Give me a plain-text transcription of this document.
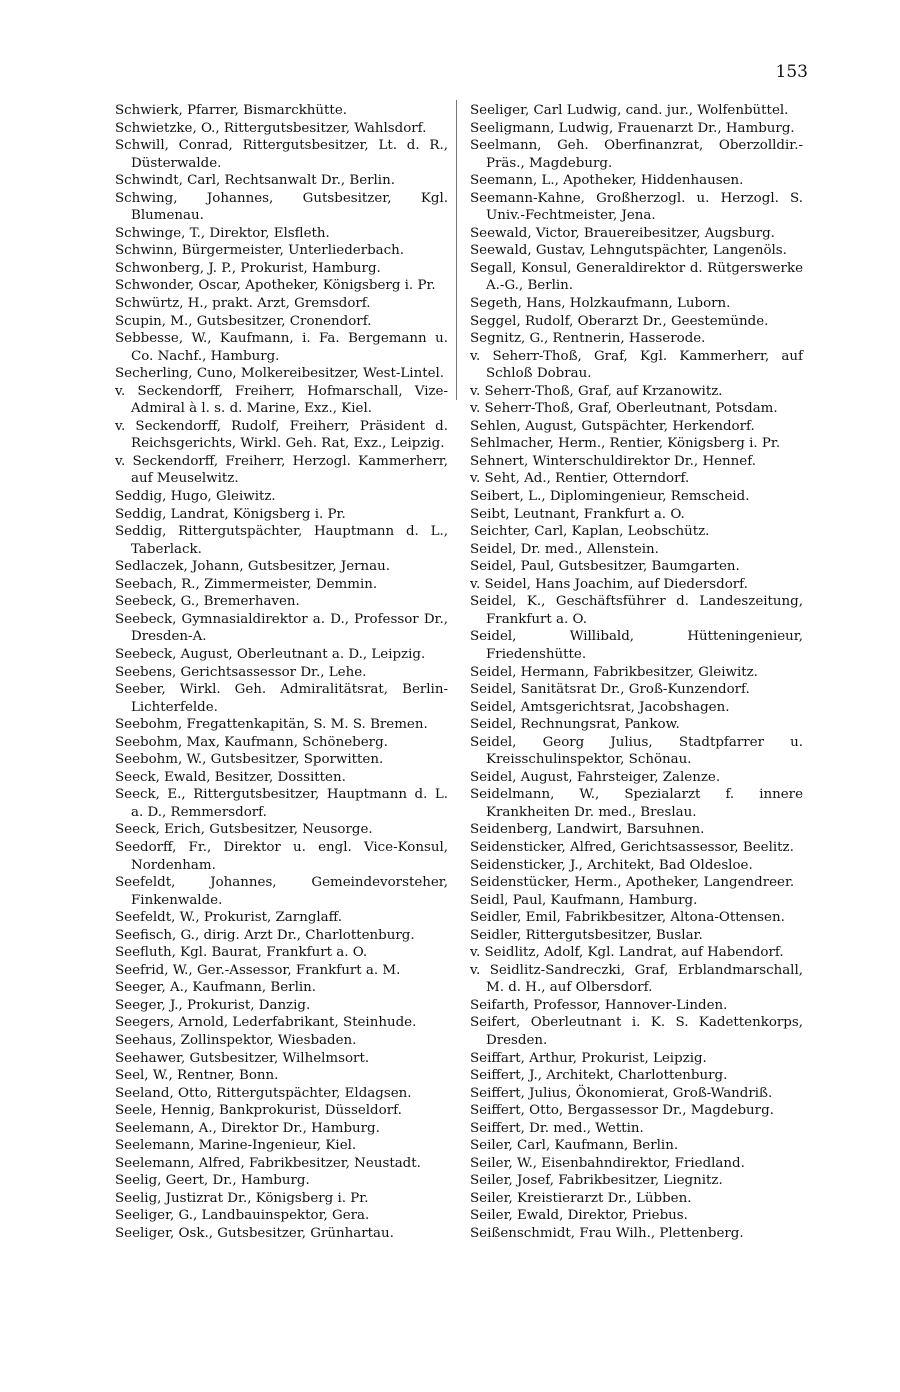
153
Schwierk, Pfarrer, Bismarckhütte.
Schwietzke, O., Rittergutsbesitzer, Wahlsdorf.
Schwill, Conrad, Rittergutsbesitzer, Lt. d. R., Düsterwalde.
Schwindt, Carl, Rechtsanwalt Dr., Berlin.
Schwing, Johannes, Gutsbesitzer, Kgl. Blumenau.
Schwinge, T., Direktor, Elsfleth.
Schwinn, Bürgermeister, Unterliederbach.
Schwonberg, J. P., Prokurist, Hamburg.
Schwonder, Oscar, Apotheker, Königsberg i. Pr.
Schwürtz, H., prakt. Arzt, Gremsdorf.
Scupin, M., Gutsbesitzer, Cronendorf.
Sebbesse, W., Kaufmann, i. Fa. Bergemann u. Co. Nachf., Hamburg.
Secherling, Cuno, Molkereibesitzer, West-Lintel.
v. Seckendorff, Freiherr, Hofmarschall, Vize-Admiral à l. s. d. Marine, Exz., Kiel.
v. Seckendorff, Rudolf, Freiherr, Präsident d. Reichsgerichts, Wirkl. Geh. Rat, Exz., Leipzig.
v. Seckendorff, Freiherr, Herzogl. Kammerherr, auf Meuselwitz.
Seddig, Hugo, Gleiwitz.
Seddig, Landrat, Königsberg i. Pr.
Seddig, Rittergutspächter, Hauptmann d. L., Taberlack.
Sedlaczek, Johann, Gutsbesitzer, Jernau.
Seebach, R., Zimmermeister, Demmin.
Seebeck, G., Bremerhaven.
Seebeck, Gymnasialdirektor a. D., Professor Dr., Dresden-A.
Seebeck, August, Oberleutnant a. D., Leipzig.
Seebens, Gerichtsassessor Dr., Lehe.
Seeber, Wirkl. Geh. Admiralitätsrat, Berlin-Lichterfelde.
Seebohm, Fregattenkapitän, S. M. S. Bremen.
Seebohm, Max, Kaufmann, Schöneberg.
Seebohm, W., Gutsbesitzer, Sporwitten.
Seeck, Ewald, Besitzer, Dossitten.
Seeck, E., Rittergutsbesitzer, Hauptmann d. L. a. D., Remmersdorf.
Seeck, Erich, Gutsbesitzer, Neusorge.
Seedorff, Fr., Direktor u. engl. Vice-Konsul, Nordenham.
Seefeldt, Johannes, Gemeindevorsteher, Finkenwalde.
Seefeldt, W., Prokurist, Zarnglaff.
Seefisch, G., dirig. Arzt Dr., Charlottenburg.
Seefluth, Kgl. Baurat, Frankfurt a. O.
Seefrid, W., Ger.-Assessor, Frankfurt a. M.
Seeger, A., Kaufmann, Berlin.
Seeger, J., Prokurist, Danzig.
Seegers, Arnold, Lederfabrikant, Steinhude.
Seehaus, Zollinspektor, Wiesbaden.
Seehawer, Gutsbesitzer, Wilhelmsort.
Seel, W., Rentner, Bonn.
Seeland, Otto, Rittergutspächter, Eldagsen.
Seele, Hennig, Bankprokurist, Düsseldorf.
Seelemann, A., Direktor Dr., Hamburg.
Seelemann, Marine-Ingenieur, Kiel.
Seelemann, Alfred, Fabrikbesitzer, Neustadt.
Seelig, Geert, Dr., Hamburg.
Seelig, Justizrat Dr., Königsberg i. Pr.
Seeliger, G., Landbauinspektor, Gera.
Seeliger, Osk., Gutsbesitzer, Grünhartau.
Seeliger, Carl Ludwig, cand. jur., Wolfenbüttel.
Seeligmann, Ludwig, Frauenarzt Dr., Hamburg.
Seelmann, Geh. Oberfinanzrat, Oberzolldir.-Präs., Magdeburg.
Seemann, L., Apotheker, Hiddenhausen.
Seemann-Kahne, Großherzogl. u. Herzogl. S. Univ.-Fechtmeister, Jena.
Seewald, Victor, Brauereibesitzer, Augsburg.
Seewald, Gustav, Lehngutspächter, Langenöls.
Segall, Konsul, Generaldirektor d. Rütgerswerke A.-G., Berlin.
Segeth, Hans, Holzkaufmann, Luborn.
Seggel, Rudolf, Oberarzt Dr., Geestemünde.
Segnitz, G., Rentnerin, Hasserode.
v. Seherr-Thoß, Graf, Kgl. Kammerherr, auf Schloß Dobrau.
v. Seherr-Thoß, Graf, auf Krzanowitz.
v. Seherr-Thoß, Graf, Oberleutnant, Potsdam.
Sehlen, August, Gutspächter, Herkendorf.
Sehlmacher, Herm., Rentier, Königsberg i. Pr.
Sehnert, Winterschuldirektor Dr., Hennef.
v. Seht, Ad., Rentier, Otterndorf.
Seibert, L., Diplomingenieur, Remscheid.
Seibt, Leutnant, Frankfurt a. O.
Seichter, Carl, Kaplan, Leobschütz.
Seidel, Dr. med., Allenstein.
Seidel, Paul, Gutsbesitzer, Baumgarten.
v. Seidel, Hans Joachim, auf Diedersdorf.
Seidel, K., Geschäftsführer d. Landeszeitung, Frankfurt a. O.
Seidel, Willibald, Hütteningenieur, Friedenshütte.
Seidel, Hermann, Fabrikbesitzer, Gleiwitz.
Seidel, Sanitätsrat Dr., Groß-Kunzendorf.
Seidel, Amtsgerichtsrat, Jacobshagen.
Seidel, Rechnungsrat, Pankow.
Seidel, Georg Julius, Stadtpfarrer u. Kreisschulinspektor, Schönau.
Seidel, August, Fahrsteiger, Zalenze.
Seidelmann, W., Spezialarzt f. innere Krankheiten Dr. med., Breslau.
Seidenberg, Landwirt, Barsuhnen.
Seidensticker, Alfred, Gerichtsassessor, Beelitz.
Seidensticker, J., Architekt, Bad Oldesloe.
Seidenstücker, Herm., Apotheker, Langendreer.
Seidl, Paul, Kaufmann, Hamburg.
Seidler, Emil, Fabrikbesitzer, Altona-Ottensen.
Seidler, Rittergutsbesitzer, Buslar.
v. Seidlitz, Adolf, Kgl. Landrat, auf Habendorf.
v. Seidlitz-Sandreczki, Graf, Erblandmarschall, M. d. H., auf Olbersdorf.
Seifarth, Professor, Hannover-Linden.
Seifert, Oberleutnant i. K. S. Kadettenkorps, Dresden.
Seiffart, Arthur, Prokurist, Leipzig.
Seiffert, J., Architekt, Charlottenburg.
Seiffert, Julius, Ökonomierat, Groß-Wandriß.
Seiffert, Otto, Bergassessor Dr., Magdeburg.
Seiffert, Dr. med., Wettin.
Seiler, Carl, Kaufmann, Berlin.
Seiler, W., Eisenbahndirektor, Friedland.
Seiler, Josef, Fabrikbesitzer, Liegnitz.
Seiler, Kreistierarzt Dr., Lübben.
Seiler, Ewald, Direktor, Priebus.
Seißenschmidt, Frau Wilh., Plettenberg.
